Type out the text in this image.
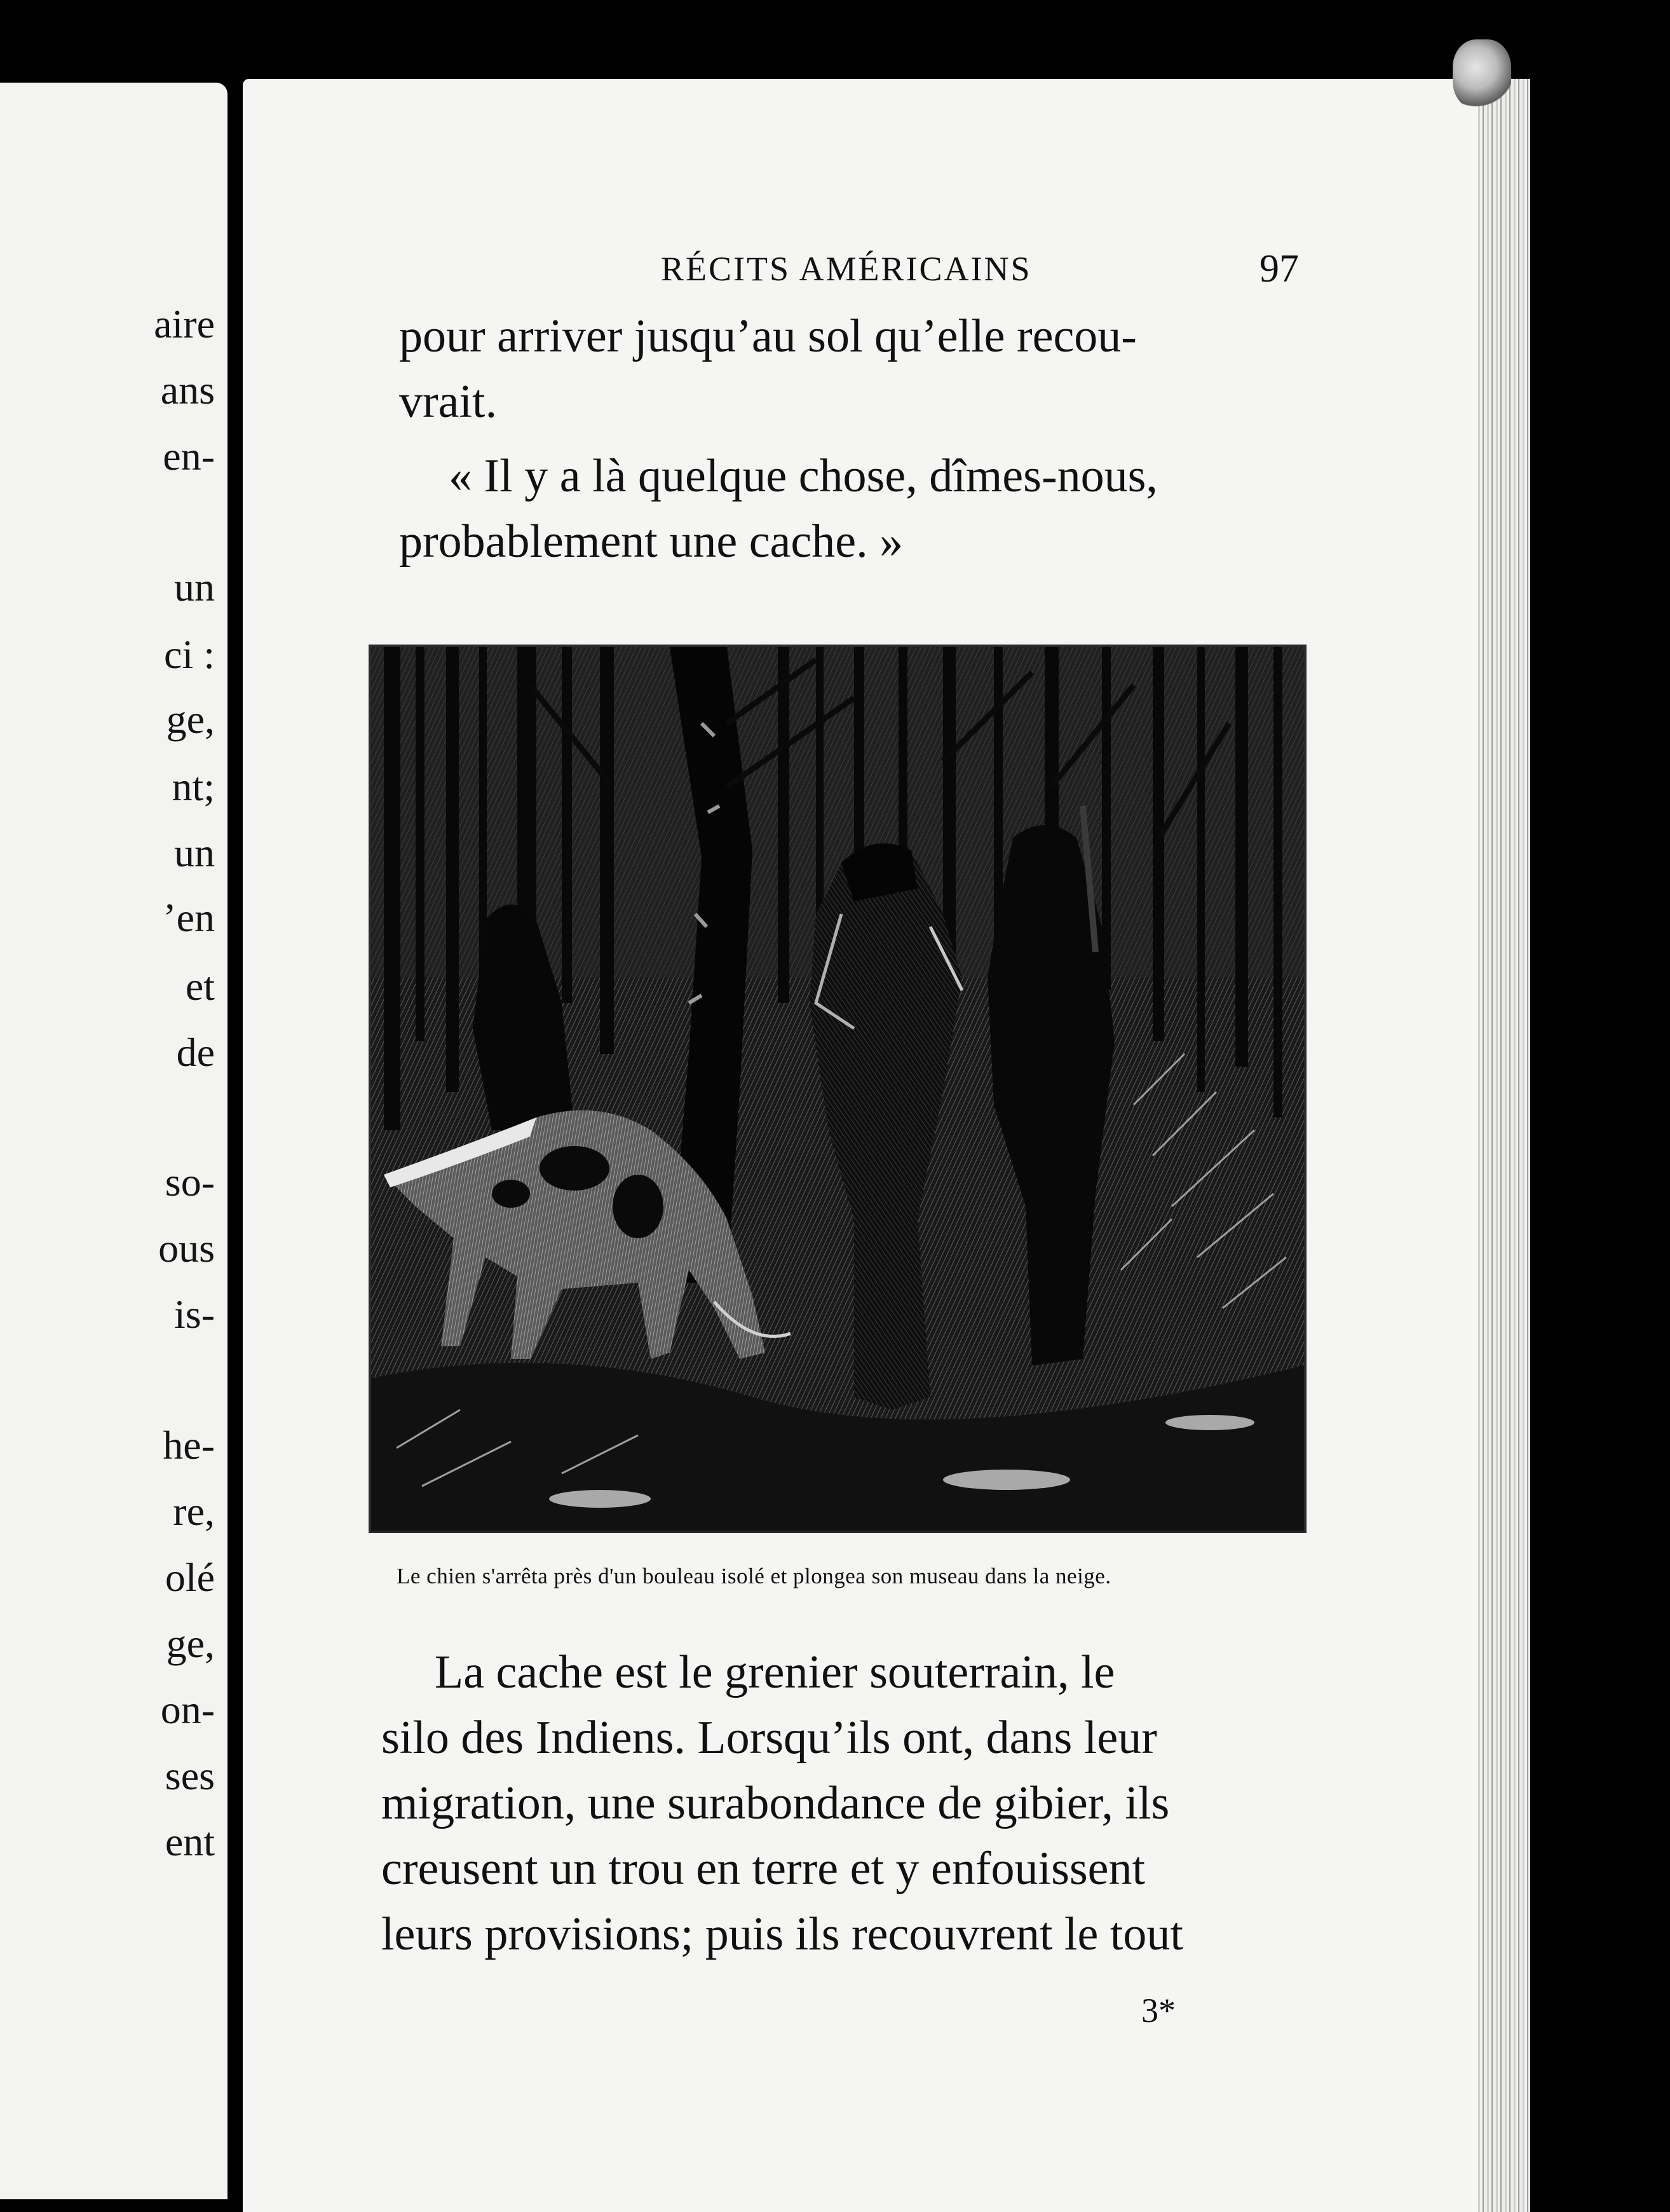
aire
ans
en-
un
ci :
ge,
nt;
un
’en
et
de
so-
ous
is-
he-
re,
olé
ge,
on-
ses
ent
RÉCITS AMÉRICAINS	97
pour arriver jusqu’au sol qu’elle recou-
vrait.
« Il y a là quelque chose, dîmes-nous,
probablement une cache. »
Le chien s'arrêta près d'un bouleau isolé et plongea son museau dans la neige.
La cache est le grenier souterrain, le
silo des Indiens. Lorsqu’ils ont, dans leur
migration, une surabondance de gibier, ils
creusent un trou en terre et y enfouissent
leurs provisions; puis ils recouvrent le tout
3*
